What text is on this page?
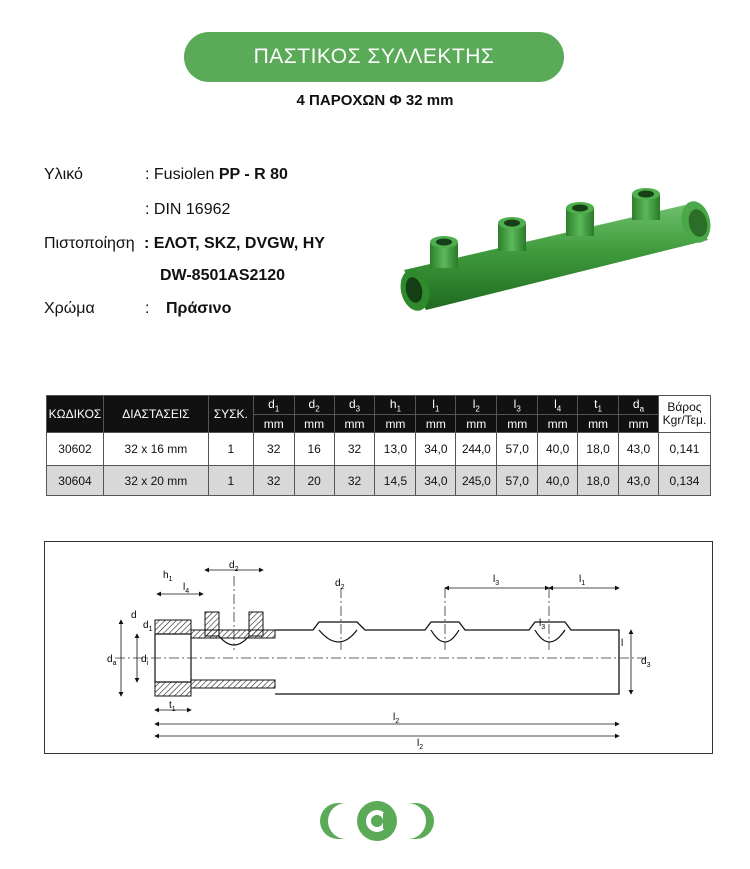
ΠΑΣΤΙΚΟΣ ΣΥΛΛΕΚΤΗΣ
4 ΠΑΡΟΧΩΝ Φ 32 mm
Υλικό	: Fusiolen PP - R 80
: DIN 16962
Πιστοποίηση : ΕΛΟΤ, SKZ, DVGW, HY
DW-8501AS2120
Χρώμα	: Πράσινο
ΚΩΔΙΚΟΣ	ΔΙΑΣΤΑΣΕΙΣ	ΣΥΣΚ.	$d_1$	$d_2$	$d_3$	$h_1$	$l_1$	$l_2$	$l_3$	$l_4$	$t_1$	$d_a$	Βάρος
Kgr/Τεμ.
			mm	mm	mm	mm	mm	mm	mm	mm	mm	mm	
30602	32 x 16 mm	1	32	16	32	13,0	34,0	244,0	57,0	40,0	18,0	43,0	0,141
30604	32 x 20 mm	1	32	20	32	14,5	34,0	245,0	57,0	40,0	18,0	43,0	0,134
$h_1$
$l_4$
$d_2$
$d_2$
$l_3$	$l_1$
d
$d_1$
$d_a$ $d_i$
$l_3$
l
$d_3$
$t_1$
$l_2$
$l_2$
